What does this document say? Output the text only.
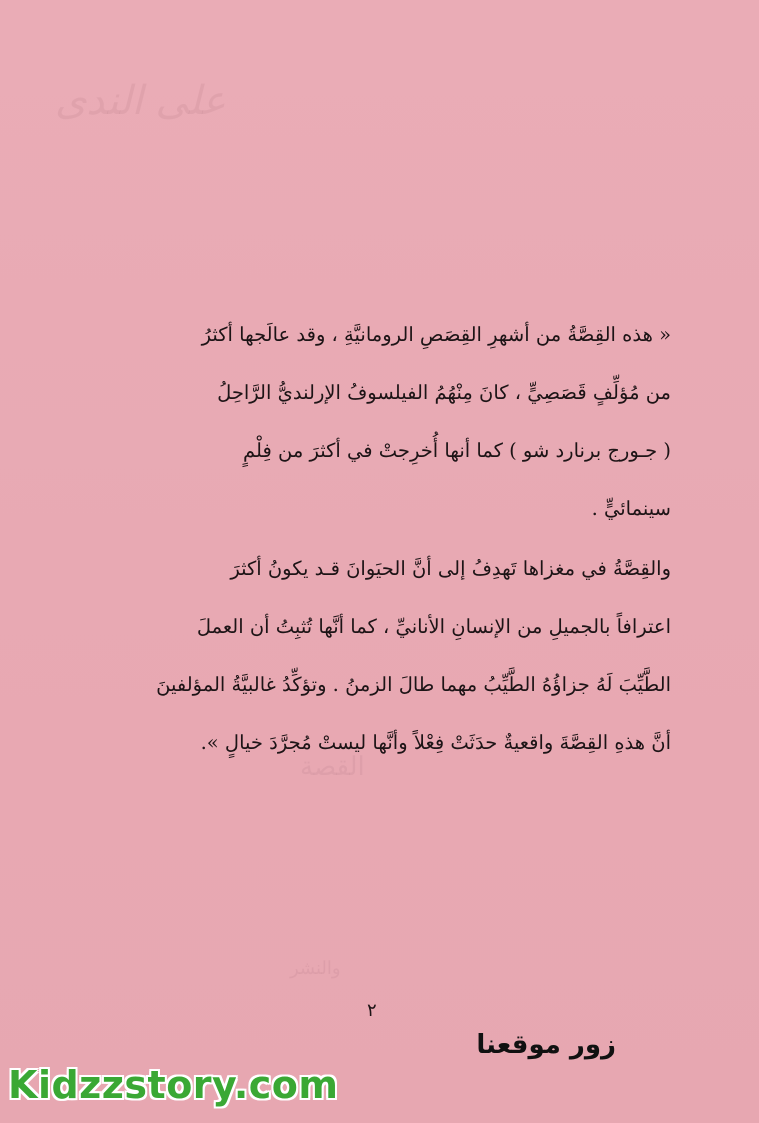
ﻋﻠﻰ ﺍﻟﻨﺪﻯ
ﺍﻟﻘﺼﺔ
ﻭﺍﻟﻨﺸﺮ
« هذه القِصَّةُ من أشهرِ القِصَصِ الرومانيَّةِ ، وقد عالَجها أكثرُ
من مُؤلِّفٍ قَصَصِيٍّ ، كانَ مِنْهُمُ الفيلسوفُ الإرلنديُّ الرَّاحِلُ
( جـورج برنارد شو ) كما أنها أُخرِجتْ في أكثرَ من فِلْمٍ
سينمائيٍّ .
والقِصَّةُ في مغزاها تَهدِفُ إلى أنَّ الحيَوانَ قـد يكونُ أكثرَ
اعترافاً بالجميلِ من الإنسانِ الأنانيِّ ، كما أنَّها تُثبِتُ أن العملَ
الطَّيِّبَ لَهُ جزاؤُهُ الطَّيِّبُ مهما طالَ الزمنُ . وتؤكِّدُ غالبيَّةُ المؤلفينَ
أنَّ هذهِ القِصَّةَ واقعيةٌ حدَثَتْ فِعْلاً وأنَّها ليستْ مُجرَّدَ خيالٍ ».
٢
زور موقعنا
Kidzzstory.com
